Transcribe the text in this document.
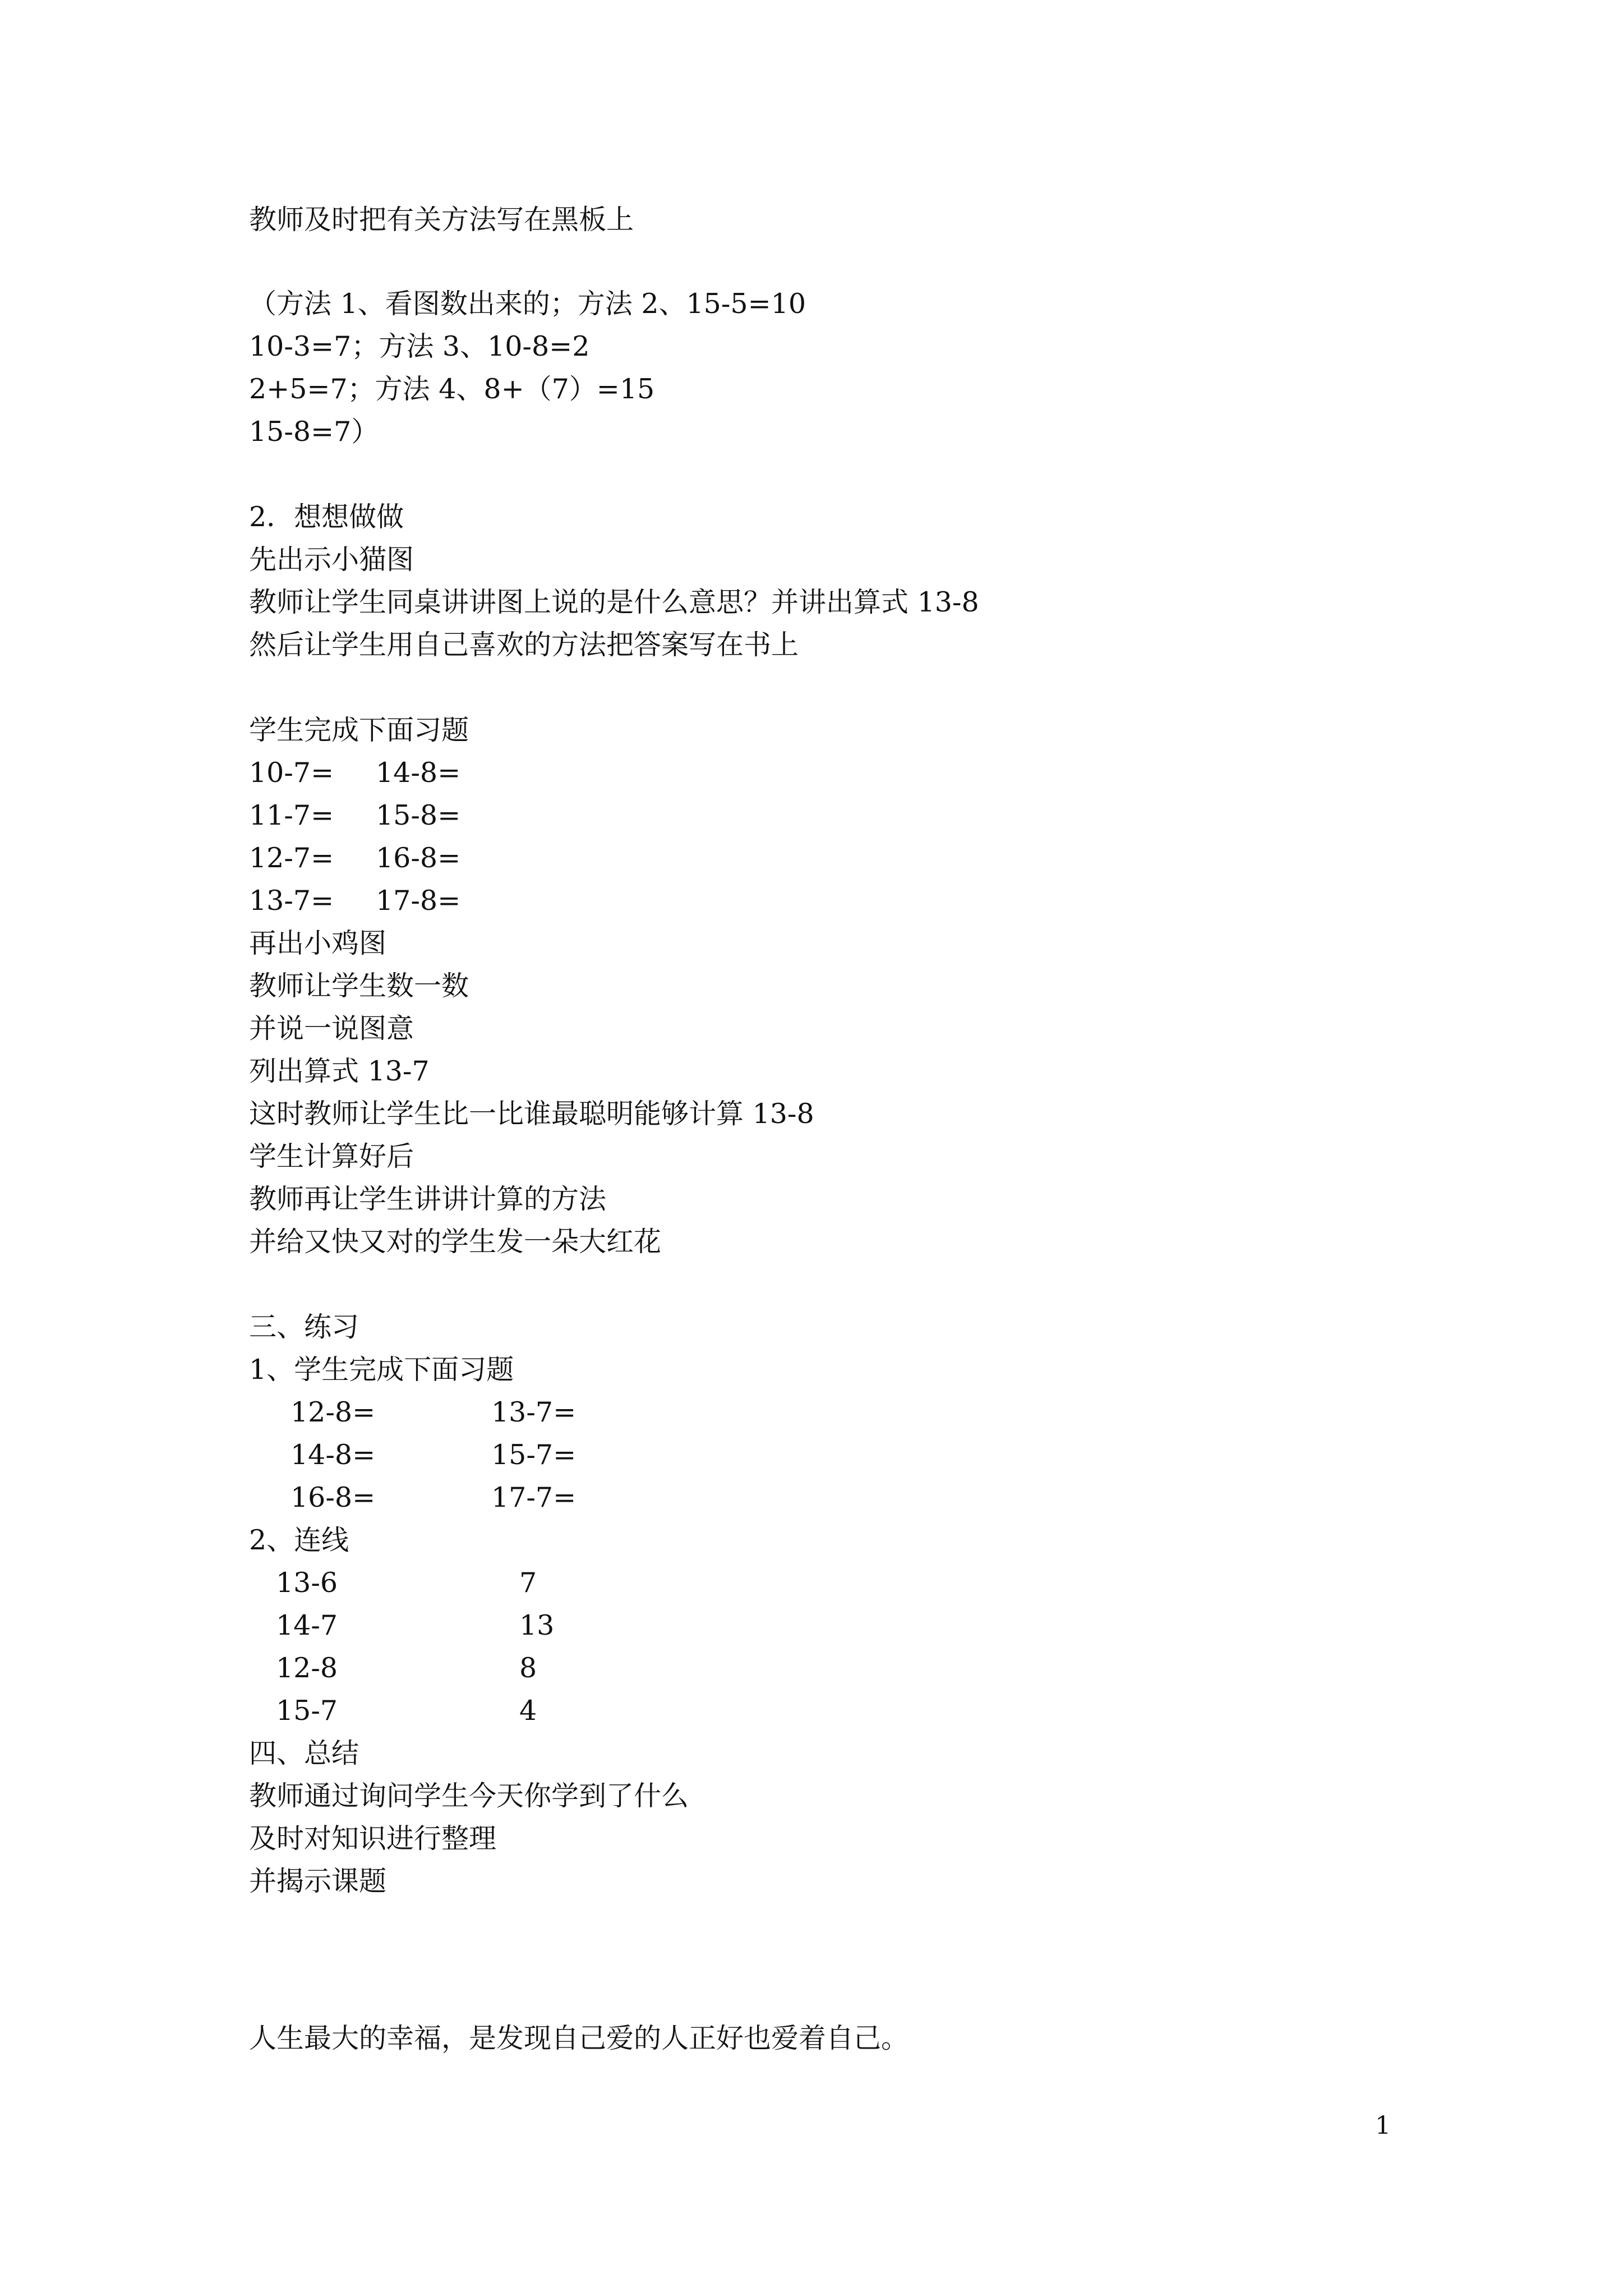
教师及时把有关方法写在黑板上
（方法 1、看图数出来的；方法 2、15-5=10
10-3=7；方法 3、10-8=2
2+5=7；方法 4、8+（7）=15
15-8=7）
2．想想做做
先出示小猫图
教师让学生同桌讲讲图上说的是什么意思？并讲出算式 13-8
然后让学生用自己喜欢的方法把答案写在书上
学生完成下面习题
10-7= 14-8=
11-7= 15-8=
12-7= 16-8=
13-7= 17-8=
再出小鸡图
教师让学生数一数
并说一说图意
列出算式 13-7
这时教师让学生比一比谁最聪明能够计算 13-8
学生计算好后
教师再让学生讲讲计算的方法
并给又快又对的学生发一朵大红花
三、练习
1、学生完成下面习题
12-8=	13-7=
14-8=	15-7=
16-8=	17-7=
2、连线
13-6	7
14-7	13
12-8	8
15-7	4
四、总结
教师通过询问学生今天你学到了什么
及时对知识进行整理
并揭示课题
人生最大的幸福，是发现自己爱的人正好也爱着自己。
1
